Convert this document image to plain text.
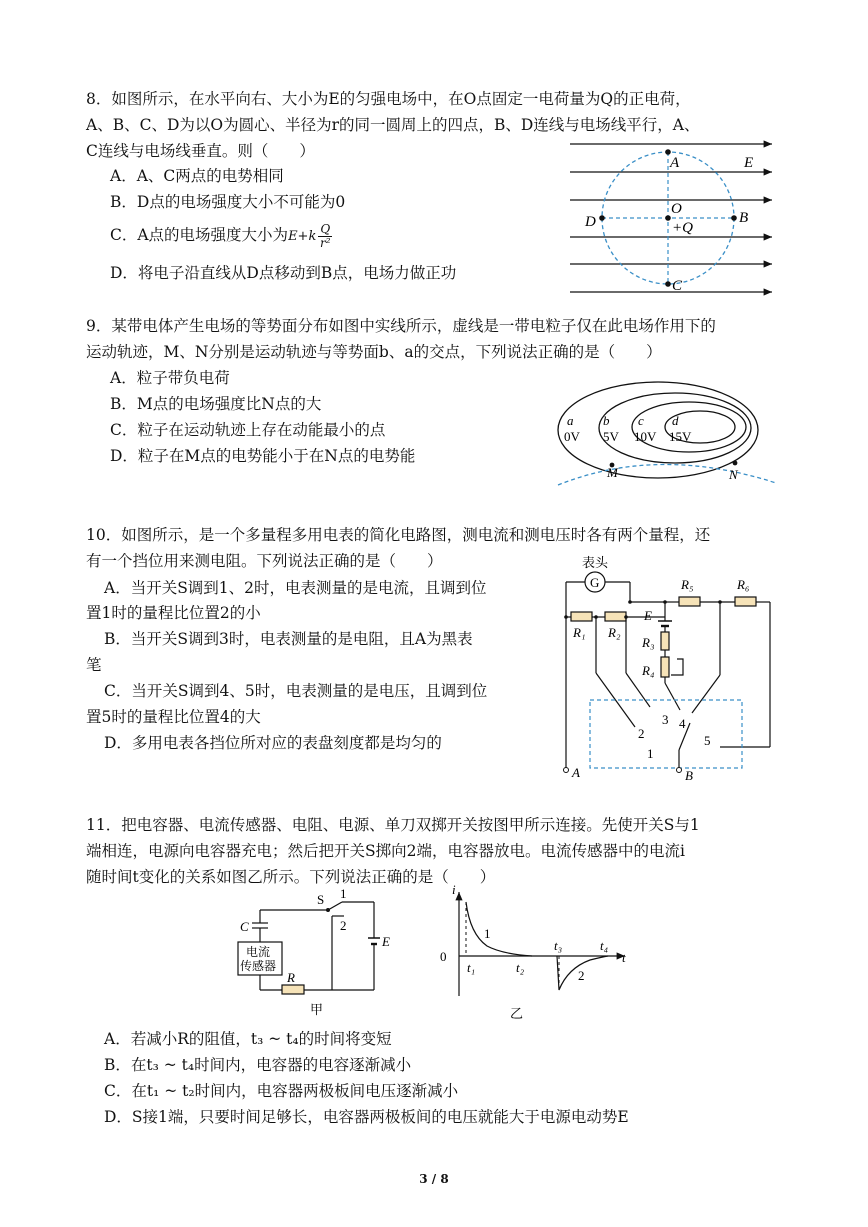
8．如图所示，在水平向右、大小为E的匀强电场中，在O点固定一电荷量为Q的正电荷，
A、B、C、D为以O为圆心、半径为r的同一圆周上的四点，B、D连线与电场线平行，A、
C连线与电场线垂直。则（　　）
A．A、C两点的电势相同
B．D点的电场强度大小不可能为0
C．A点的电场强度大小为$E+k \frac{Q}{\text{r²}}$
D．将电子沿直线从D点移动到B点，电场力做正功
A
B
C
D
O
+Q
E
9．某带电体产生电场的等势面分布如图中实线所示，虚线是一带电粒子仅在此电场作用下的
运动轨迹，M、N分别是运动轨迹与等势面b、a的交点，下列说法正确的是（　　）
A．粒子带负电荷
B．M点的电场强度比N点的大
C．粒子在运动轨迹上存在动能最小的点
D．粒子在M点的电势能小于在N点的电势能
a
0V
b
5V
c
10V
d
15V
M	N
10．如图所示，是一个多量程多用电表的简化电路图，测电流和测电压时各有两个量程，还
有一个挡位用来测电阻。下列说法正确的是（　　）
A．当开关S调到1、2时，电表测量的是电流，且调到位
置1时的量程比位置2的小
B．当开关S调到3时，电表测量的是电阻，且A为黑表
笔
C．当开关S调到4、5时，电表测量的是电压，且调到位
置5时的量程比位置4的大
D．多用电表各挡位所对应的表盘刻度都是均匀的
表头
G
R₁ R₂
R₅	R₆
E
R₃
R₄
1
2
3 4
5
A	B
11．把电容器、电流传感器、电阻、电源、单刀双掷开关按图甲所示连接。先使开关S与1
端相连，电源向电容器充电；然后把开关S掷向2端，电容器放电。电流传感器中的电流i
随时间t变化的关系如图乙所示。下列说法正确的是（　　）
S 1
2
C
电流
传感器
R
E
甲
i
t
0
t₁	t₂
t₃	t₄
1
2
乙
A．若减小R的阻值，t₃ ~ t₄的时间将变短
B．在t₃ ~ t₄时间内，电容器的电容逐渐减小
C．在t₁ ~ t₂时间内，电容器两极板间电压逐渐减小
D．S接1端，只要时间足够长，电容器两极板间的电压就能大于电源电动势E
3 / 8
